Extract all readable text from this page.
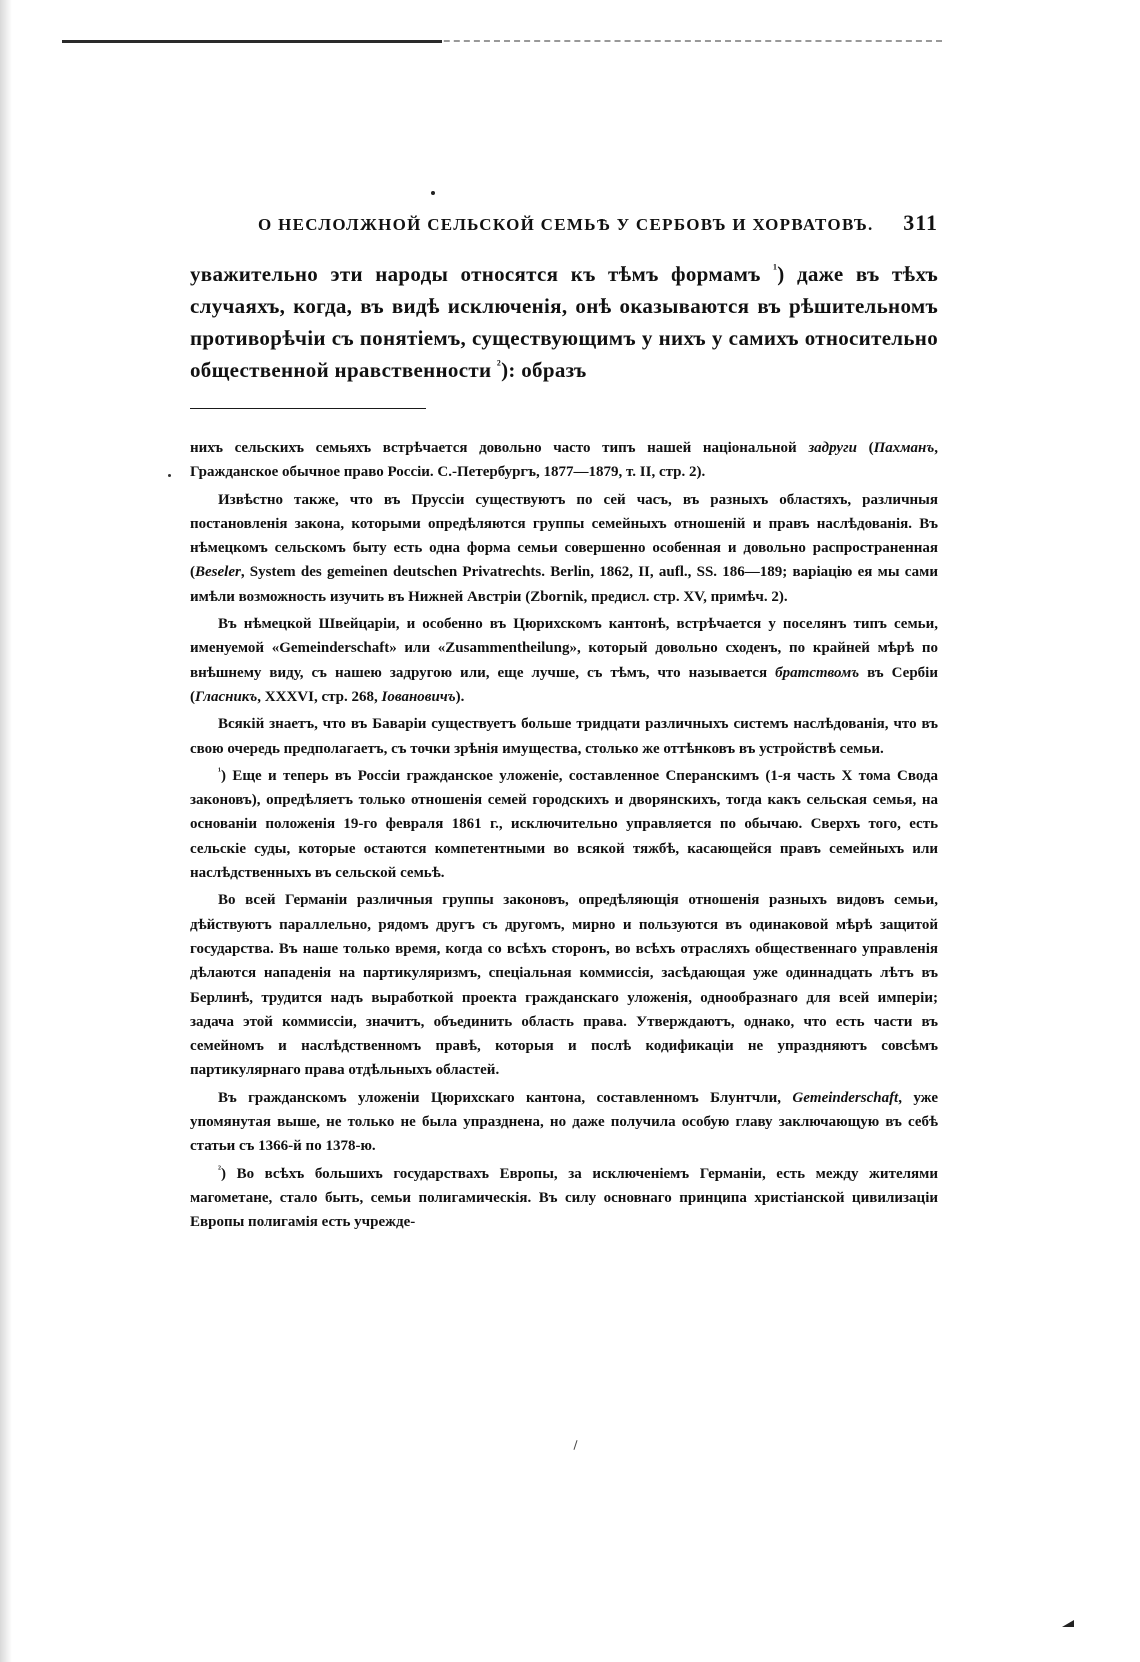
О НЕСЛОЛЖНОЙ СЕЛЬСКОЙ СЕМЬѢ У СЕРБОВЪ И ХОРВАТОВЪ. 311
уважительно эти народы относятся къ тѣмъ формамъ $^{^1}$) даже въ тѣхъ случаяхъ, когда, въ видѣ исключенія, онѣ оказываются въ рѣшительномъ противорѣчіи съ понятіемъ, существующимъ у нихъ у самихъ относительно общественной нравственности $^{^2}$): образъ

нихъ сельскихъ семьяхъ встрѣчается довольно часто типъ нашей національной задруги (Пахманъ, Гражданское обычное право Россіи. С.-Петербургъ, 1877—1879, т. II, стр. 2).

Извѣстно также, что въ Пруссіи существуютъ по сей часъ, въ разныхъ областяхъ, различныя постановленія закона, которыми опредѣляются группы семейныхъ отношеній и правъ наслѣдованія. Въ нѣмецкомъ сельскомъ быту есть одна форма семьи совершенно особенная и довольно распространенная (Beseler, System des gemeinen deutschen Privatrechts. Berlin, 1862, II, aufl., SS. 186—189; варіацію ея мы сами имѣли возможность изучить въ Нижней Австріи (Zbornik, предисл. стр. XV, примѣч. 2).

Въ нѣмецкой Швейцаріи, и особенно въ Цюрихскомъ кантонѣ, встрѣчается у поселянъ типъ семьи, именуемой «Gemeinderschaft» или «Zusammentheilung», который довольно сходенъ, по крайней мѣрѣ по внѣшнему виду, съ нашею задругою или, еще лучше, съ тѣмъ, что называется братствомъ въ Сербіи (Гласникъ, XXXVI, стр. 268, Іовановичъ).

Всякій знаетъ, что въ Баваріи существуетъ больше тридцати различныхъ системъ наслѣдованія, что въ свою очередь предполагаетъ, съ точки зрѣнія имущества, столько же оттѣнковъ въ устройствѣ семьи.

$^{^1}$) Еще и теперь въ Россіи гражданское уложеніе, составленное Сперанскимъ (1-я часть X тома Свода законовъ), опредѣляетъ только отношенія семей городскихъ и дворянскихъ, тогда какъ сельская семья, на основаніи положенія 19-го февраля 1861 г., исключительно управляется по обычаю. Сверхъ того, есть сельскіе суды, которые остаются компетентными во всякой тяжбѣ, касающейся правъ семейныхъ или наслѣдственныхъ въ сельской семьѣ.

Во всей Германіи различныя группы законовъ, опредѣляющія отношенія разныхъ видовъ семьи, дѣйствуютъ параллельно, рядомъ другъ съ другомъ, мирно и пользуются въ одинаковой мѣрѣ защитой государства. Въ наше только время, когда со всѣхъ сторонъ, во всѣхъ отрасляхъ общественнаго управленія дѣлаются нападенія на партикуляризмъ, спеціальная коммиссія, засѣдающая уже одиннадцать лѣтъ въ Берлинѣ, трудится надъ выработкой проекта гражданскаго уложенія, однообразнаго для всей имперіи; задача этой коммиссіи, значитъ, объединить область права. Утверждаютъ, однако, что есть части въ семейномъ и наслѣдственномъ правѣ, которыя и послѣ кодификаціи не упраздняютъ совсѣмъ партикулярнаго права отдѣльныхъ областей.

Въ гражданскомъ уложеніи Цюрихскаго кантона, составленномъ Блунтчли, Gemeinderschaft, уже упомянутая выше, не только не была упразднена, но даже получила особую главу заключающую въ себѣ статьи съ 1366-й по 1378-ю.

$^{^2}$) Во всѣхъ большихъ государствахъ Европы, за исключеніемъ Германіи, есть между жителями магометане, стало быть, семьи полигамическія. Въ силу основнаго принципа христіанской цивилизаціи Европы полигамія есть учрежде-
